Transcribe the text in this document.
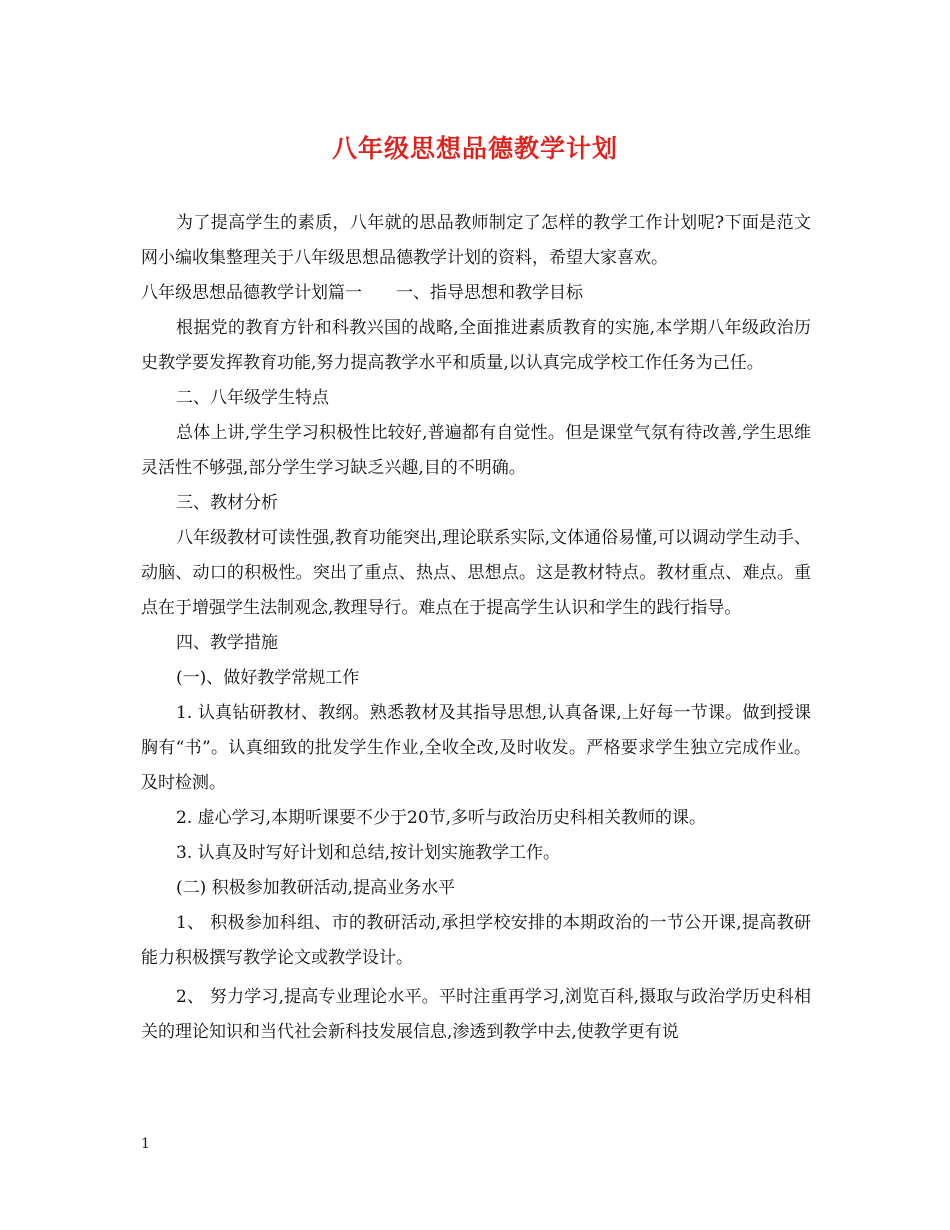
八年级思想品德教学计划

为了提高学生的素质，八年就的思品教师制定了怎样的教学工作计划呢?下面是范文网小编收集整理关于八年级思想品德教学计划的资料，希望大家喜欢。

八年级思想品德教学计划篇一　　一、指导思想和教学目标

根据党的教育方针和科教兴国的战略,全面推进素质教育的实施,本学期八年级政治历史教学要发挥教育功能,努力提高教学水平和质量,以认真完成学校工作任务为己任。

二、八年级学生特点

总体上讲,学生学习积极性比较好,普遍都有自觉性。但是课堂气氛有待改善,学生思维灵活性不够强,部分学生学习缺乏兴趣,目的不明确。

三、教材分析

八年级教材可读性强,教育功能突出,理论联系实际,文体通俗易懂,可以调动学生动手、动脑、动口的积极性。突出了重点、热点、思想点。这是教材特点。教材重点、难点。重点在于增强学生法制观念,教理导行。难点在于提高学生认识和学生的践行指导。

四、教学措施

(一)、做好教学常规工作

1. 认真钻研教材、教纲。熟悉教材及其指导思想,认真备课,上好每一节课。做到授课胸有“书”。认真细致的批发学生作业,全收全改,及时收发。严格要求学生独立完成作业。及时检测。

2. 虚心学习,本期听课要不少于20节,多听与政治历史科相关教师的课。

3. 认真及时写好计划和总结,按计划实施教学工作。

(二) 积极参加教研活动,提高业务水平

1、 积极参加科组、市的教研活动,承担学校安排的本期政治的一节公开课,提高教研能力积极撰写教学论文或教学设计。

2、 努力学习,提高专业理论水平。平时注重再学习,浏览百科,摄取与政治学历史科相关的理论知识和当代社会新科技发展信息,渗透到教学中去,使教学更有说

1
